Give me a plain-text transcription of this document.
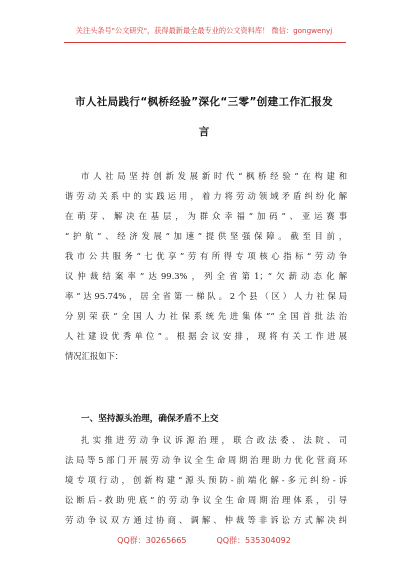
关注头条号"公文研究"，获得最新最全最专业的公文资料库！ 微信：gongwenyj
市人社局践行“枫桥经验”深化“三零”创建工作汇报发
言
市人社局坚持创新发展新时代“枫桥经验”在构建和
谐劳动关系中的实践运用，着力将劳动领域矛盾纠纷化解
在萌芽、解决在基层，为群众幸福“加码”、亚运赛事
“护航”、经济发展“加速”提供坚强保障。截至目前，
我市公共服务“七优享”劳有所得专项核心指标“劳动争
议仲裁结案率”达99.3%，列全省第1；“欠薪动态化解
率”达95.74%，居全省第一梯队。2个县（区）人力社保局
分别荣获“全国人力社保系统先进集体”“全国首批法治
人社建设优秀单位”。根据会议安排，现将有关工作进展
情况汇报如下：
一、坚持源头治理，确保矛盾不上交
扎实推进劳动争议诉源治理，联合政法委、法院、司
法局等5部门开展劳动争议全生命周期治理助力优化营商环
境专项行动，创新构建“源头预防-前端化解-多元纠纷-诉
讼断后-救助兜底”的劳动争议全生命周期治理体系，引导
劳动争议双方通过协商、调解、仲裁等非诉讼方式解决纠
QQ群：30265665	QQ群：535304092
